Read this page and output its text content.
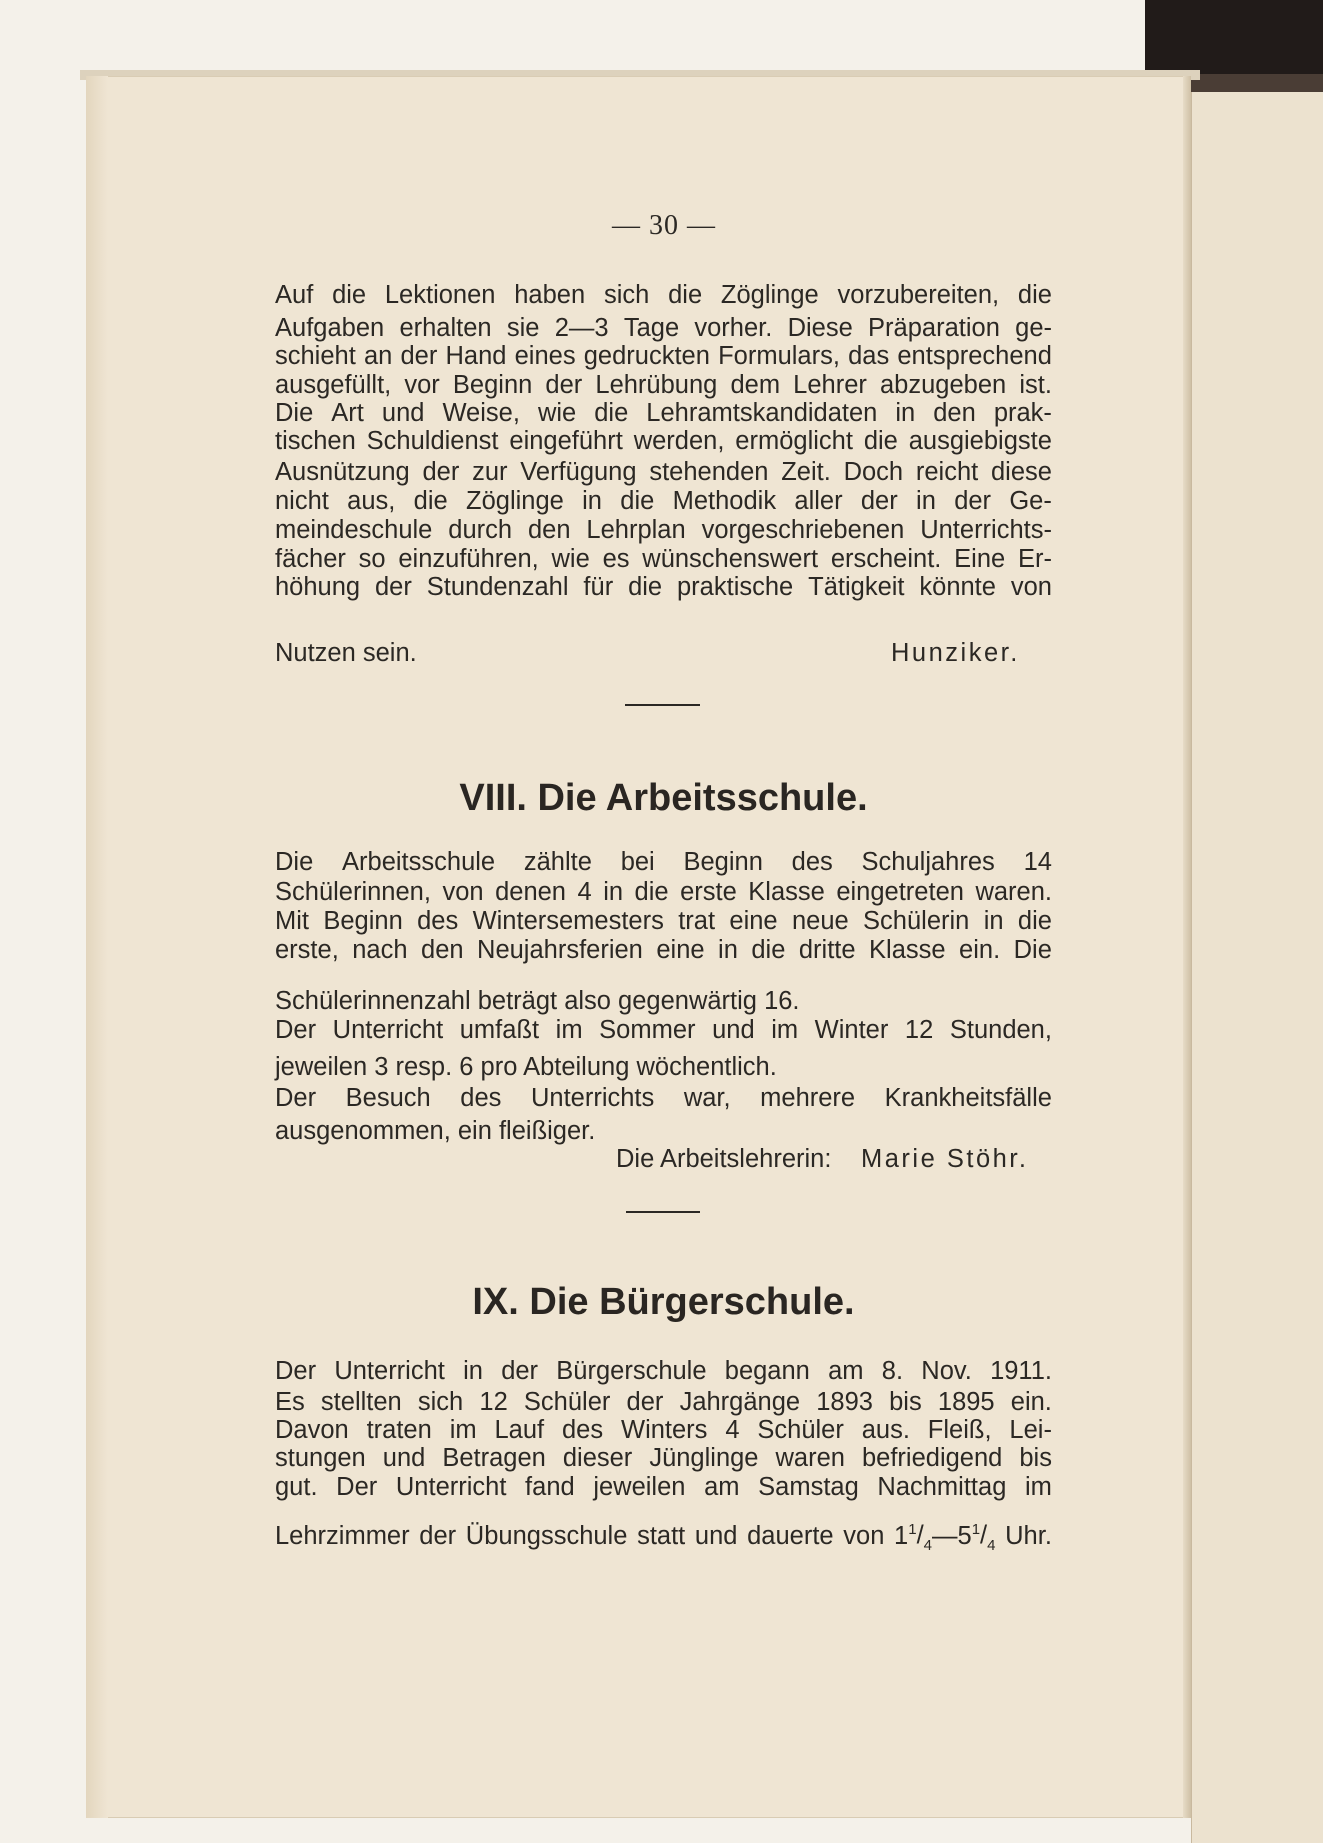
— 30 —
höhung der Stundenzahl für die praktische Tätigkeit könnte von
fächer so einzuführen, wie es wünschenswert erscheint. Eine Er-
meindeschule durch den Lehrplan vorgeschriebenen Unterrichts-
nicht aus, die Zöglinge in die Methodik aller der in der Ge-
Ausnützung der zur Verfügung stehenden Zeit. Doch reicht diese
tischen Schuldienst eingeführt werden, ermöglicht die ausgiebigste
Die Art und Weise, wie die Lehramtskandidaten in den prak-
ausgefüllt, vor Beginn der Lehrübung dem Lehrer abzugeben ist.
schieht an der Hand eines gedruckten Formulars, das entsprechend
Aufgaben erhalten sie 2—3 Tage vorher. Diese Präparation ge-
Auf die Lektionen haben sich die Zöglinge vorzubereiten, die
Nutzen sein.	Hunziker.
VIII. Die Arbeitsschule.
Der Besuch des Unterrichts war, mehrere Krankheitsfälle
Der Unterricht umfaßt im Sommer und im Winter 12 Stunden,
erste, nach den Neujahrsferien eine in die dritte Klasse ein. Die
Mit Beginn des Wintersemesters trat eine neue Schülerin in die
Schülerinnen, von denen 4 in die erste Klasse eingetreten waren.
Die Arbeitsschule zählte bei Beginn des Schuljahres 14
Schülerinnenzahl beträgt also gegenwärtig 16.
jeweilen 3 resp. 6 pro Abteilung wöchentlich.
ausgenommen, ein fleißiger.
Die Arbeitslehrerin: Marie Stöhr.
IX. Die Bürgerschule.
gut. Der Unterricht fand jeweilen am Samstag Nachmittag im
stungen und Betragen dieser Jünglinge waren befriedigend bis
Davon traten im Lauf des Winters 4 Schüler aus. Fleiß, Lei-
Es stellten sich 12 Schüler der Jahrgänge 1893 bis 1895 ein.
Der Unterricht in der Bürgerschule begann am 8. Nov. 1911.
Lehrzimmer der Übungsschule statt und dauerte von 11/4—51/4 Uhr.
